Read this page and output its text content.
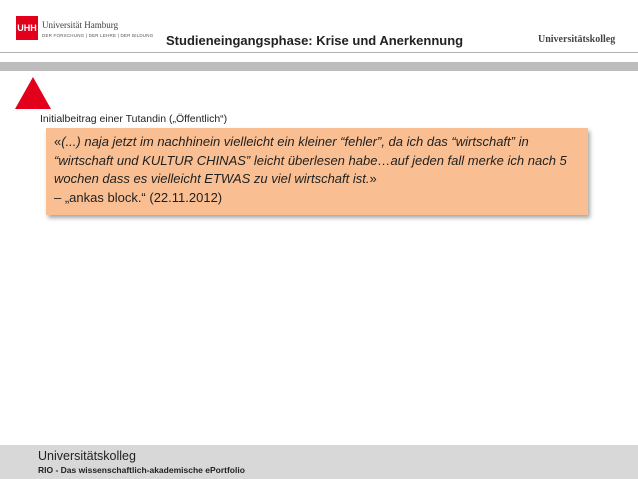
UHH Universität Hamburg
DER FORSCHUNG | DER LEHRE | DER BILDUNG Studieneingangsphase: Krise und Anerkennung	Universitätskolleg
Initialbeitrag einer Tutandin („Öffentlich“)
«(...) naja jetzt im nachhinein vielleicht ein kleiner “fehler”, da ich das “wirtschaft” in “wirtschaft und KULTUR CHINAS” leicht überlesen habe…auf jeden fall merke ich nach 5 wochen dass es vielleicht ETWAS zu viel wirtschaft ist.»
– „ankas block.“ (22.11.2012)
Universitätskolleg
RIO - Das wissenschaftlich-akademische ePortfolio
